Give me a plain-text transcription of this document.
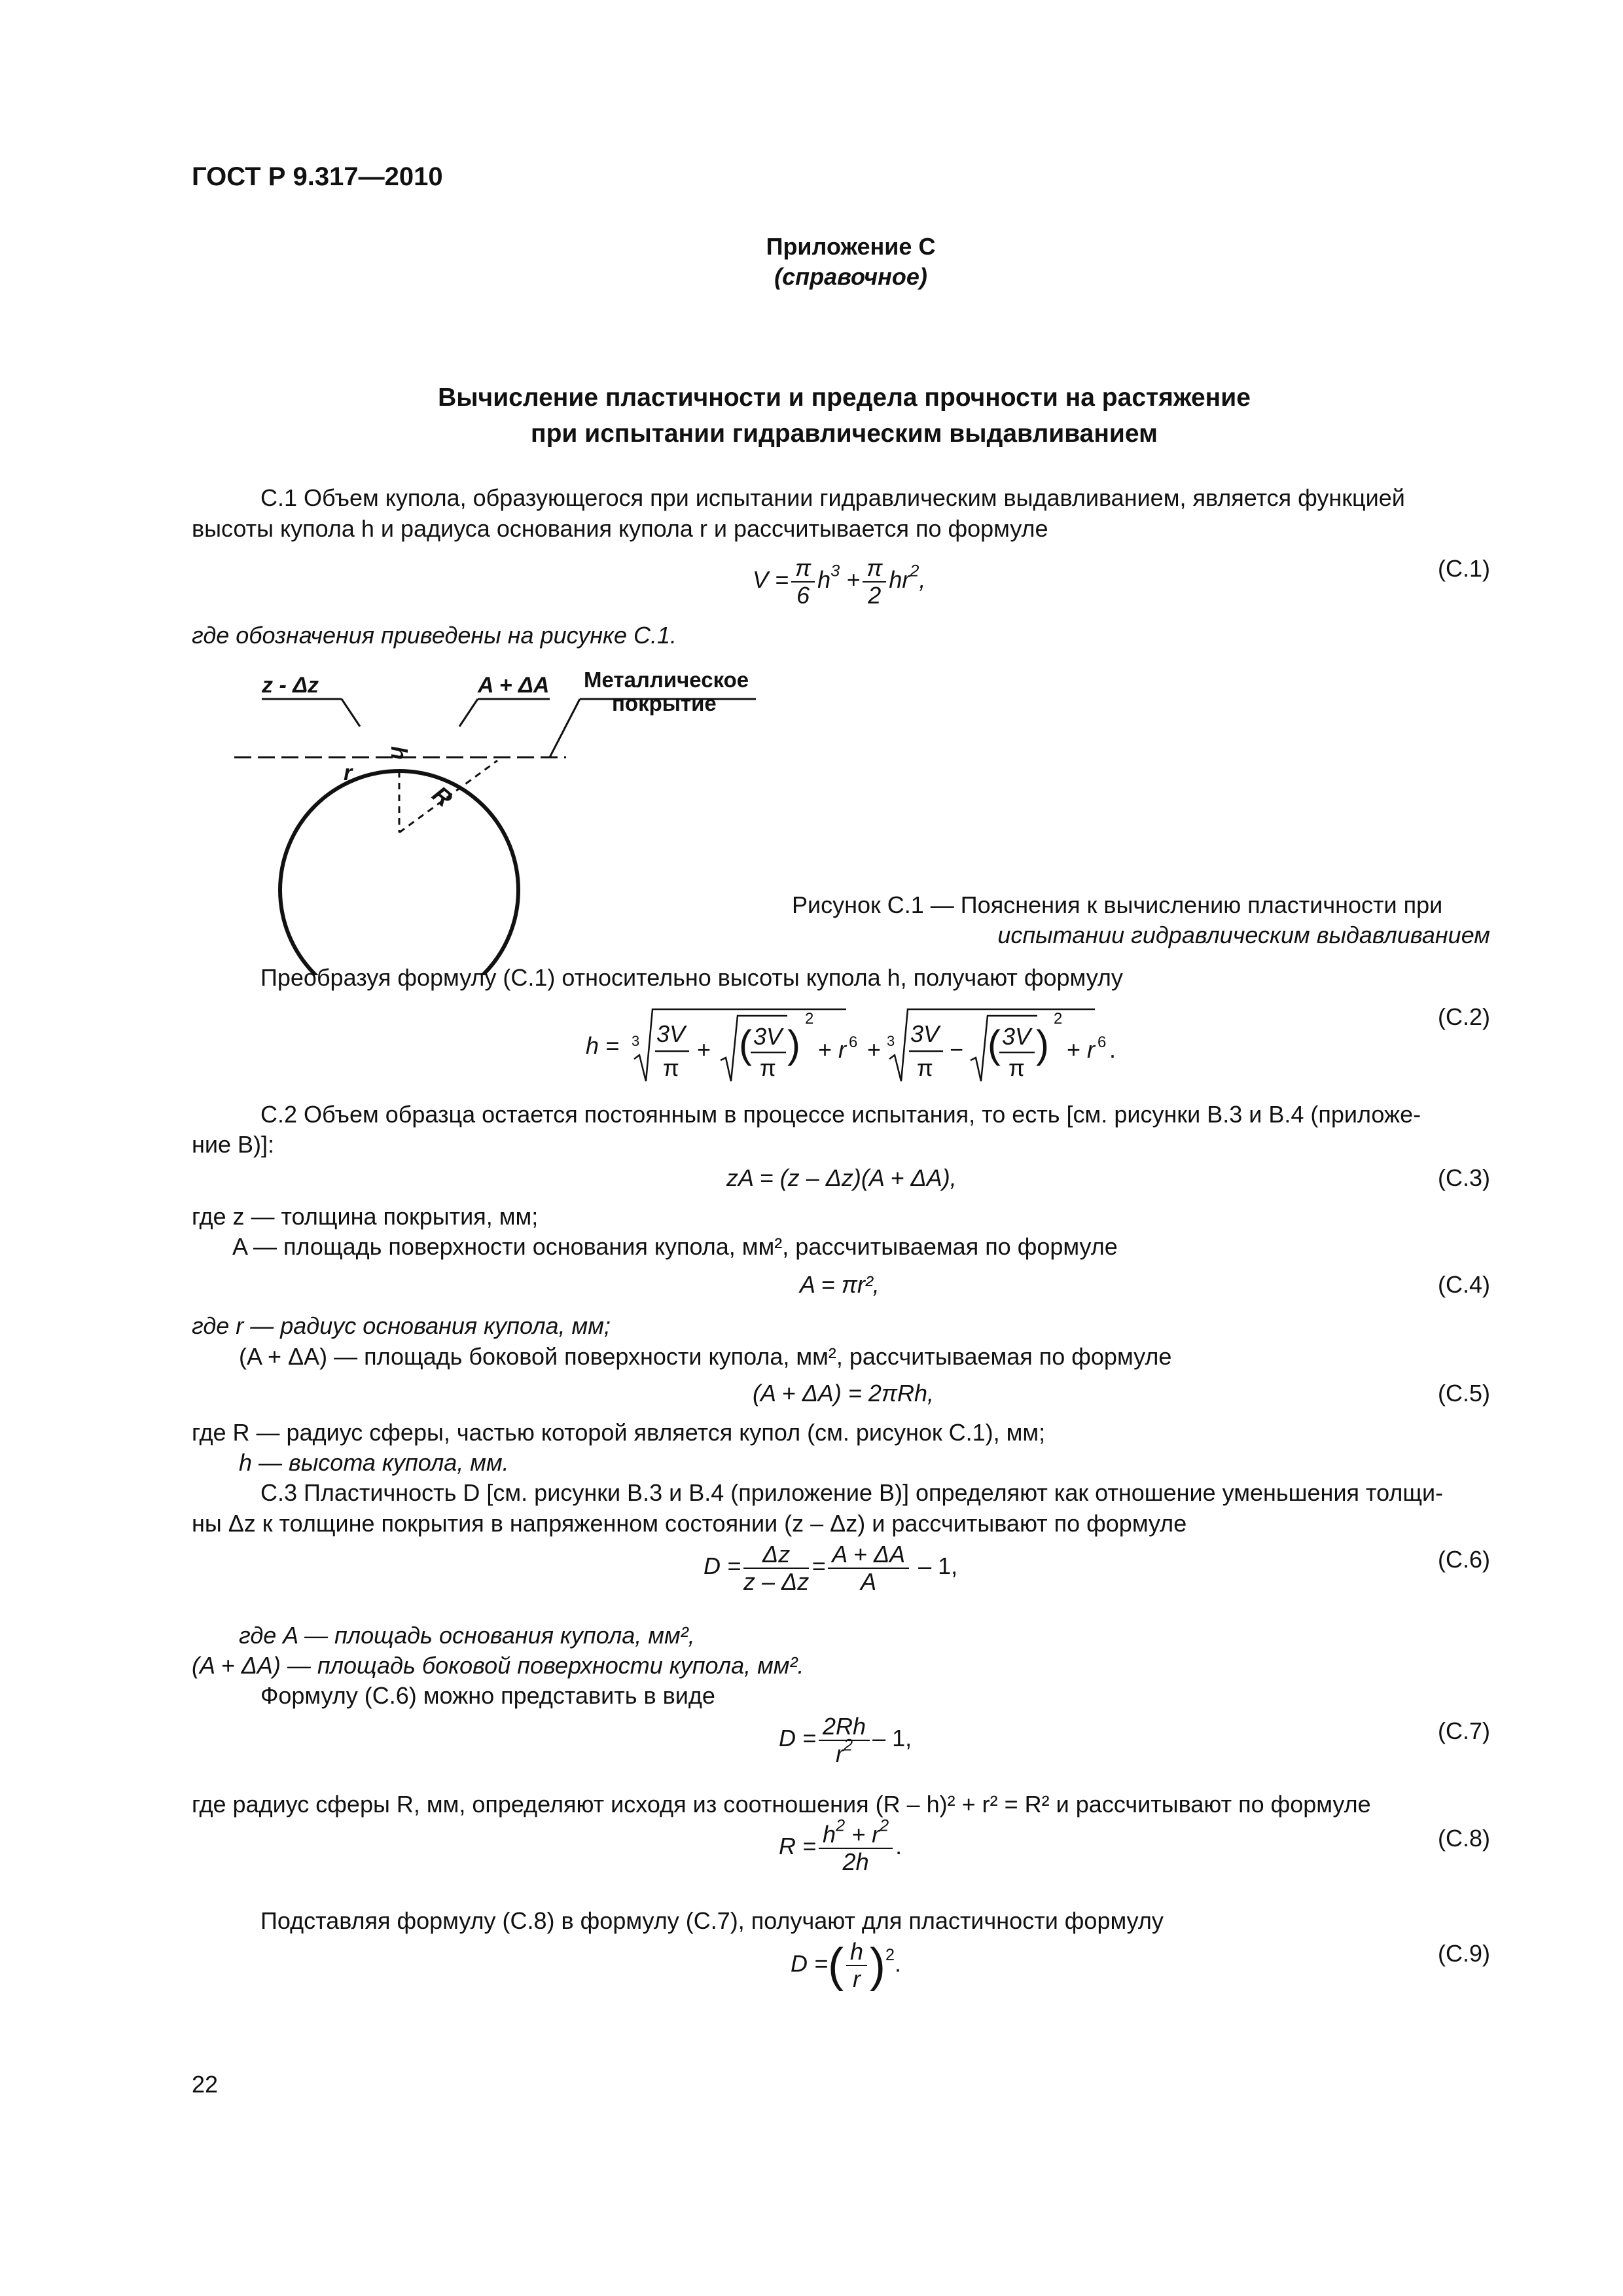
ГОСТ Р 9.317—2010
Приложение С
(справочное)
Вычисление пластичности и предела прочности на растяжение
при испытании гидравлическим выдавливанием
С.1 Объем купола, образующегося при испытании гидравлическим выдавливанием, является функцией
высоты купола h и радиуса основания купола r и рассчитывается по формуле
$V = \frac{\pi}{6} h^3 + \frac{\pi}{2} hr^2$,	(С.1)
где обозначения приведены на рисунке С.1.
z - Δz	A + ΔA Металлическое
покрытие
h
r
R
Рисунок С.1 — Пояснения к вычислению пластичности при
испытании гидравлическим выдавливанием
Преобразуя формулу (С.1) относительно высоты купола h, получают формулу
h = 3 3V
π
+ ( 3V
π
)
2
+ r 6 + 3 3V
π
− ( 3V
π
)
2
+ r 6 .
(С.2)
С.2 Объем образца остается постоянным в процессе испытания, то есть [см. рисунки В.3 и В.4 (приложе-
ние В)]:
zA = (z – Δz)(A + ΔA),	(С.3)
где z — толщина покрытия, мм;
A — площадь поверхности основания купола, мм², рассчитываемая по формуле
A = πr²,	(С.4)
где r — радиус основания купола, мм;
(A + ΔA) — площадь боковой поверхности купола, мм², рассчитываемая по формуле
(A + ΔA) = 2πRh,	(С.5)
где R — радиус сферы, частью которой является купол (см. рисунок С.1), мм;
h — высота купола, мм.
С.3 Пластичность D [см. рисунки В.3 и В.4 (приложение В)] определяют как отношение уменьшения толщи-
ны Δz к толщине покрытия в напряженном состоянии (z – Δz) и рассчитывают по формуле
$D = \frac{\Delta z}{z - \Delta z} = \frac{A + \Delta A}{A} - 1$,	(С.6)
где A — площадь основания купола, мм²,
(A + ΔA) — площадь боковой поверхности купола, мм².
Формулу (С.6) можно представить в виде
$D = \frac{2Rh}{r^2} - 1$,	(С.7)
где радиус сферы R, мм, определяют исходя из соотношения (R – h)² + r² = R² и рассчитывают по формуле
$R = \frac{h^2 + r^2}{2h}$ .	(С.8)
Подставляя формулу (С.8) в формулу (С.7), получают для пластичности формулу
D =( $\frac{h}{r} )^2$.	(С.9)
22
